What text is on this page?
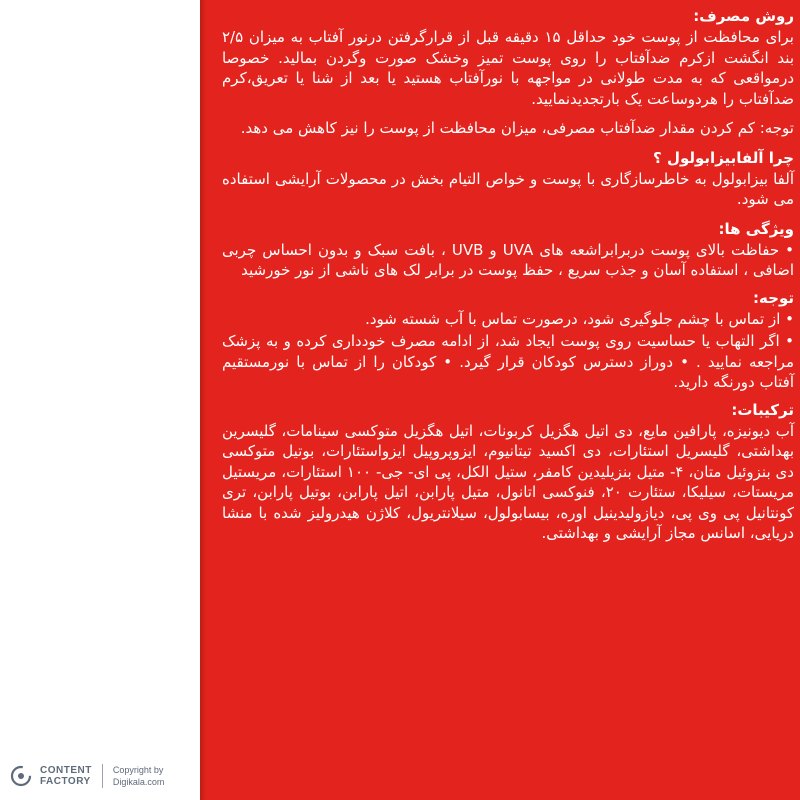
روش مصرف:

برای محافظت از پوست خود حداقل ۱۵ دقیقه قبل از قرارگرفتن درنور آفتاب به میزان ۲/۵ بند انگشت ازکرم ضدآفتاب را روی پوست تمیز وخشک صورت وگردن بمالید. خصوصا درمواقعی که به مدت طولانی در مواجهه با نورآفتاب هستید یا بعد از شنا یا تعریق،کرم ضدآفتاب را هردوساعت یک بارتجدیدنمایید.

توجه: کم کردن مقدار ضدآفتاب مصرفی، میزان محافظت از پوست را نیز کاهش می دهد.

چرا آلفابیزابولول ؟

آلفا بیزابولول به خاطرسازگاری با پوست و خواص التیام بخش در محصولات آرایشی استفاده می شود.

ویژگی ها:
• حفاظت بالای پوست دربرابراشعه های UVA و UVB ، بافت سبک و بدون احساس چربی اضافی ، استفاده آسان و جذب سریع ، حفظ پوست در برابر لک های ناشی از نور خورشید
توجه:
• از تماس با چشم جلوگیری شود، درصورت تماس با آب شسته شود.
• اگر التهاب یا حساسیت روی پوست ایجاد شد، از ادامه مصرف خودداری کرده و به پزشک مراجعه نمایید . • دوراز دسترس کودکان قرار گیرد. • کودکان را از تماس با نورمستقیم آفتاب دورنگه دارید.
ترکیبات:

آب دیونیزه، پارافین مایع، دی اتیل هگزیل کربونات، اتیل هگزیل متوکسی سینامات، گلیسرین بهداشتی، گلیسریل استئارات، دی اکسید تیتانیوم، ایزوپروپیل ایزواستئارات، بوتیل متوکسی دی بنزوئیل متان، ۴- متیل بنزیلیدین کامفر، ستیل الکل، پی ای- جی- ۱۰۰ استئارات، مریستیل مریستات، سیلیکا، ستئارت ۲۰، فنوکسی اتانول، متیل پارابن، اتیل پارابن، بوتیل پارابن، تری کونتانیل پی وی پی، دیازولیدینیل اوره، بیسابولول، سیلانتریول، کلاژن هیدرولیز شده با منشا دریایی، اسانس مجاز آرایشی و بهداشتی.

CONTENT
FACTORY
Copyright by
Digikala.com
